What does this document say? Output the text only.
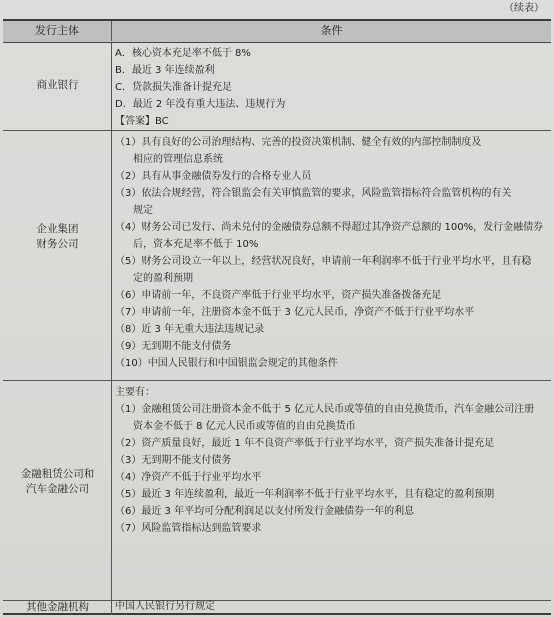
（续表）
发行主体	条件
商业银行
A．核心资本充足率不低于 8%
B．最近 3 年连续盈利
C．贷款损失准备计提充足
D．最近 2 年没有重大违法、违规行为
【答案】BC
企业集团
财务公司
（1）具有良好的公司治理结构、完善的投资决策机制、健全有效的内部控制制度及
相应的管理信息系统
（2）具有从事金融债券发行的合格专业人员
（3）依法合规经营，符合银监会有关审慎监管的要求，风险监管指标符合监管机构的有关
规定
（4）财务公司已发行、尚未兑付的金融债券总额不得超过其净资产总额的 100%，发行金融债券
后，资本充足率不低于 10%
（5）财务公司设立一年以上，经营状况良好，申请前一年利润率不低于行业平均水平，且有稳
定的盈利预期
（6）申请前一年，不良资产率低于行业平均水平，资产损失准备拨备充足
（7）申请前一年，注册资本金不低于 3 亿元人民币，净资产不低于行业平均水平
（8）近 3 年无重大违法违规记录
（9）无到期不能支付债务
（10）中国人民银行和中国银监会规定的其他条件
金融租赁公司和
汽车金融公司
主要有：
（1）金融租赁公司注册资本金不低于 5 亿元人民币或等值的自由兑换货币，汽车金融公司注册
资本金不低于 8 亿元人民币或等值的自由兑换货币
（2）资产质量良好，最近 1 年不良资产率低于行业平均水平，资产损失准备计提充足
（3）无到期不能支付债务
（4）净资产不低于行业平均水平
（5）最近 3 年连续盈利，最近一年利润率不低于行业平均水平，且有稳定的盈利预期
（6）最近 3 年平均可分配利润足以支付所发行金融债券一年的利息
（7）风险监管指标达到监管要求
其他金融机构	中国人民银行另行规定
